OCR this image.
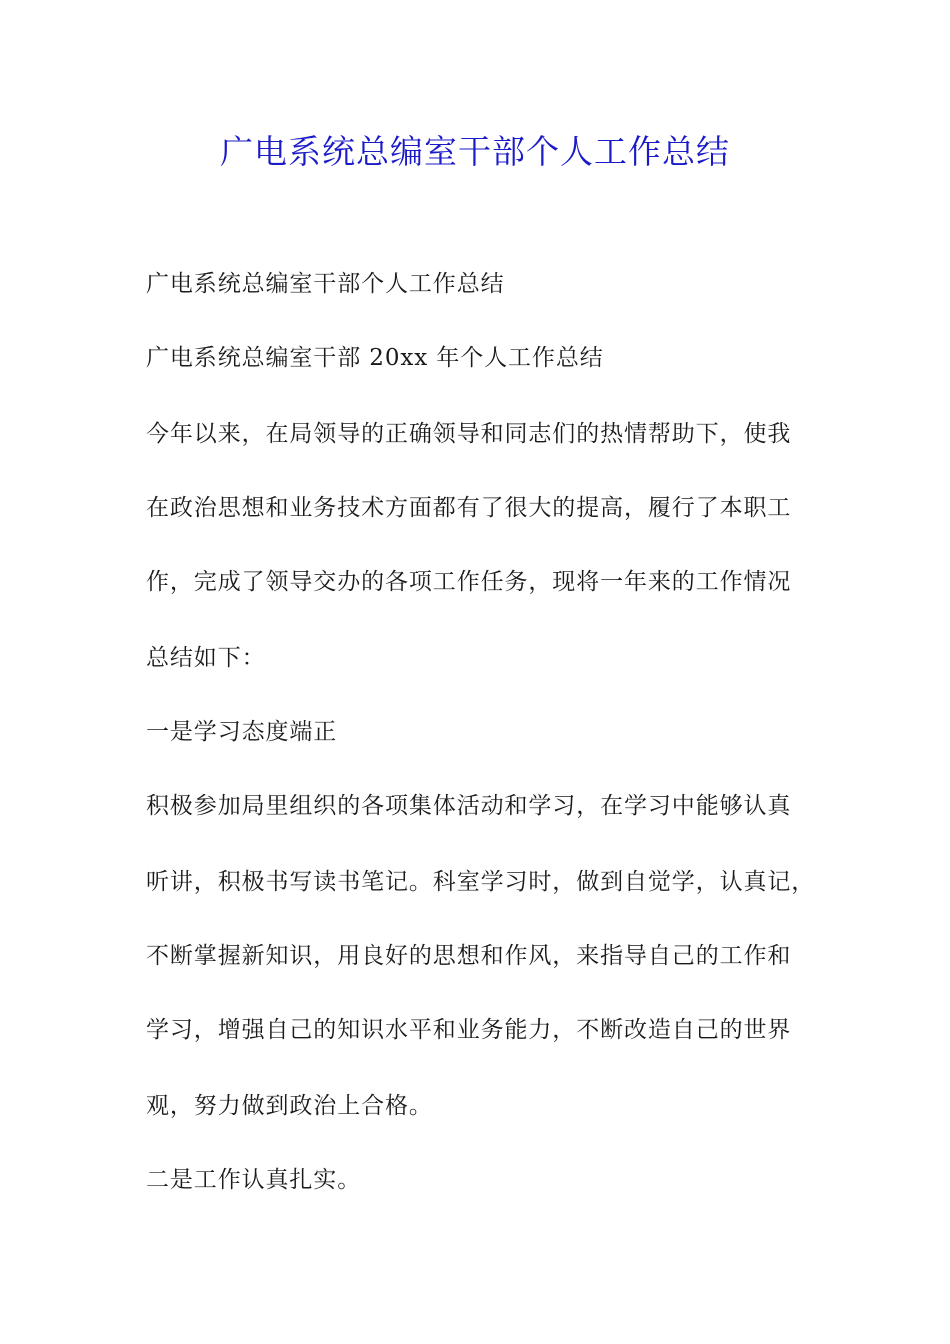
广电系统总编室干部个人工作总结
广电系统总编室干部个人工作总结
广电系统总编室干部 20xx 年个人工作总结
今年以来，在局领导的正确领导和同志们的热情帮助下，使我
在政治思想和业务技术方面都有了很大的提高，履行了本职工
作，完成了领导交办的各项工作任务，现将一年来的工作情况
总结如下：
一是学习态度端正
积极参加局里组织的各项集体活动和学习，在学习中能够认真
听讲，积极书写读书笔记。科室学习时，做到自觉学，认真记，
不断掌握新知识，用良好的思想和作风，来指导自己的工作和
学习，增强自己的知识水平和业务能力，不断改造自己的世界
观，努力做到政治上合格。
二是工作认真扎实。
